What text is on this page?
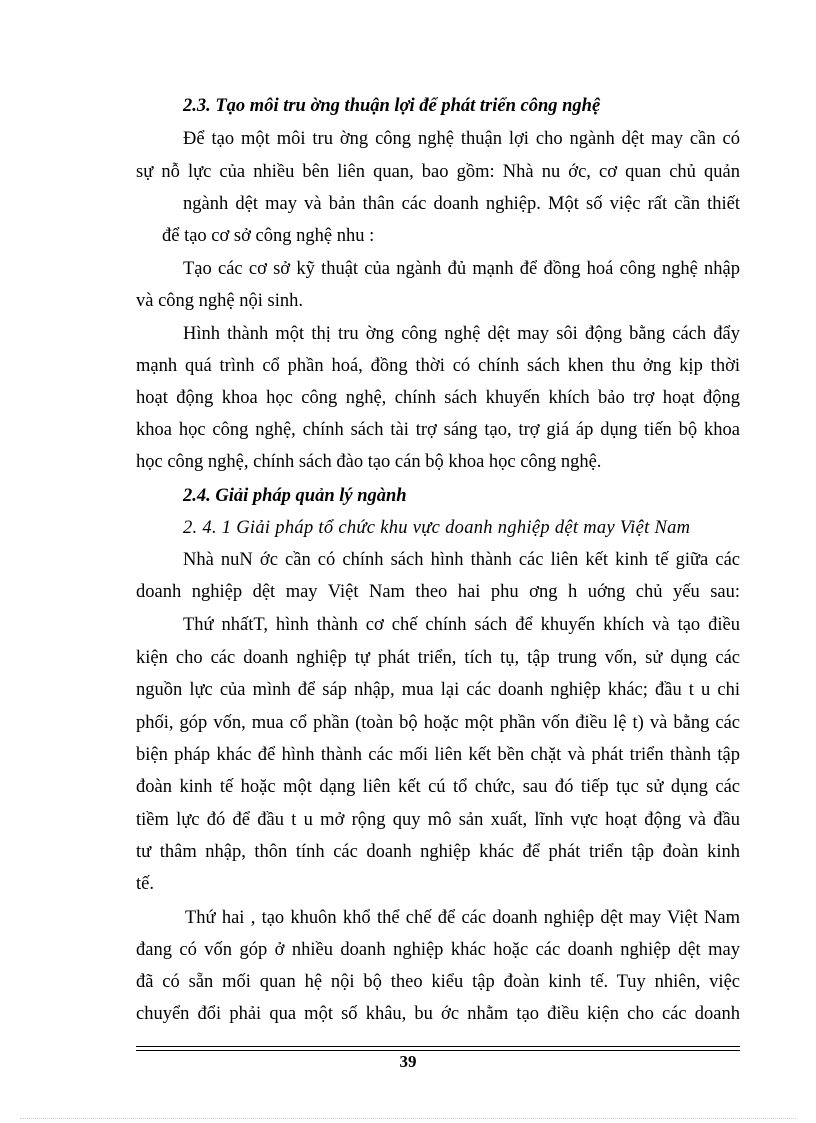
2.3. Tạo môi tru ờng thuận lợi để phát triển công nghệ
Để tạo một môi tru ờng công nghệ thuận lợi cho ngành dệt may cần có
sự nỗ lực của nhiều bên liên quan, bao gồm: Nhà nu ớc, cơ quan chủ quản
ngành dệt may và bản thân các doanh nghiệp. Một số việc rất cần thiết
để tạo cơ sở công nghệ nhu :
Tạo các cơ sở kỹ thuật của ngành đủ mạnh để đồng hoá công nghệ nhập
và công nghệ nội sinh.
Hình thành một thị tru ờng công nghệ dệt may sôi động bằng cách đẩy
mạnh quá trình cổ phần hoá, đồng thời có chính sách khen thu ởng kịp thời
hoạt động khoa học công nghệ, chính sách khuyến khích bảo trợ hoạt động
khoa học công nghệ, chính sách tài trợ sáng tạo, trợ giá áp dụng tiến bộ khoa
học công nghệ, chính sách đào tạo cán bộ khoa học công nghệ.
2.4. Giải pháp quản lý ngành
2. 4. 1 Giải pháp tổ chức khu vực doanh nghiệp dệt may Việt Nam
Nhà nuN ớc cần có chính sách hình thành các liên kết kinh tế giữa các
doanh nghiệp dệt may Việt Nam theo hai phu ơng h uớng chủ yếu sau:
Thứ nhấtT, hình thành cơ chế chính sách để khuyến khích và tạo điều
kiện cho các doanh nghiệp tự phát triển, tích tụ, tập trung vốn, sử dụng các
nguồn lực của mình để sáp nhập, mua lại các doanh nghiệp khác; đầu t u chi
phối, góp vốn, mua cổ phần (toàn bộ hoặc một phần vốn điều lệ t) và bằng các
biện pháp khác để hình thành các mối liên kết bền chặt và phát triển thành tập
đoàn kinh tế hoặc một dạng liên kết cú tổ chức, sau đó tiếp tục sử dụng các
tiềm lực đó để đầu t u mở rộng quy mô sản xuất, lĩnh vực hoạt động và đầu
tư thâm nhập, thôn tính các doanh nghiệp khác để phát triển tập đoàn kinh
tế.
Thứ hai , tạo khuôn khổ thể chế để các doanh nghiệp dệt may Việt Nam
đang có vốn góp ở nhiều doanh nghiệp khác hoặc các doanh nghiệp dệt may
đã có sẵn mối quan hệ nội bộ theo kiểu tập đoàn kinh tế. Tuy nhiên, việc
chuyển đổi phải qua một số khâu, bu ớc nhằm tạo điều kiện cho các doanh
39
